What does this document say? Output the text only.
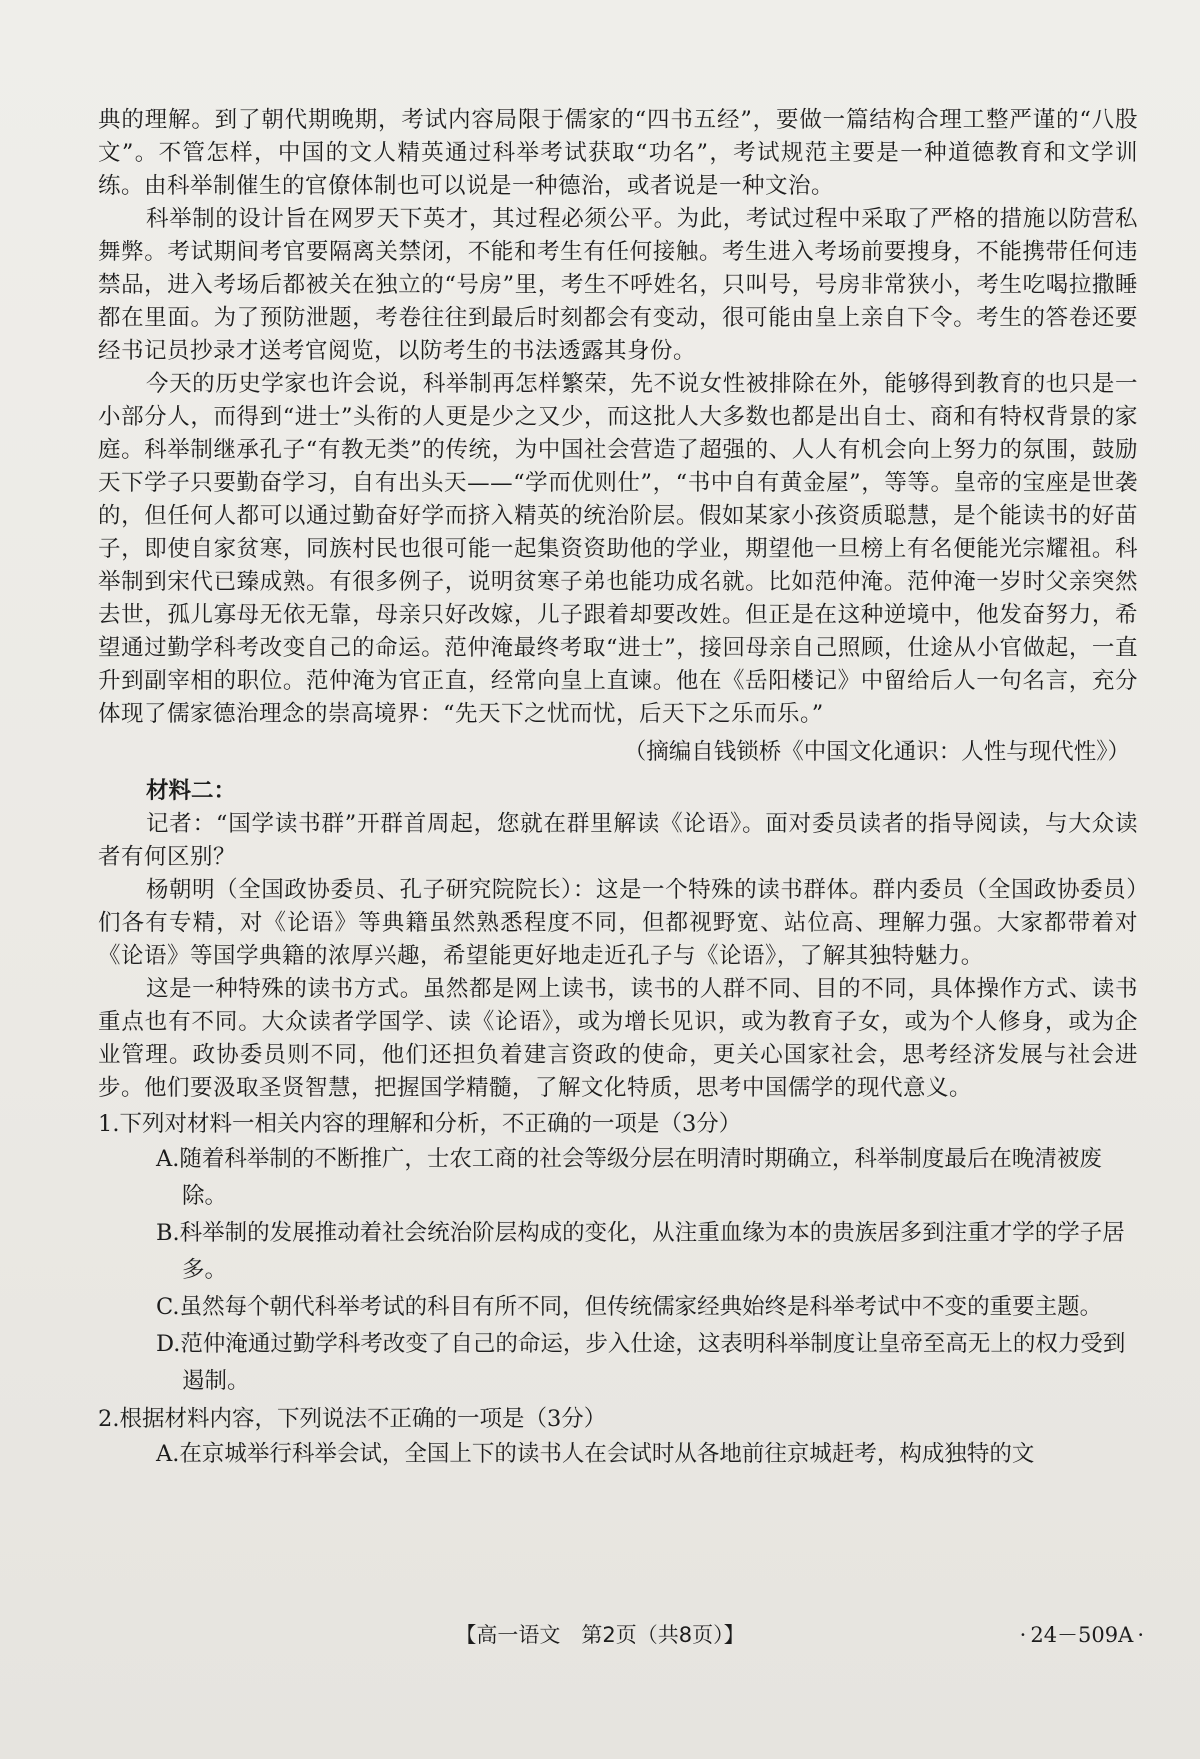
典的理解。到了朝代期晚期，考试内容局限于儒家的“四书五经”，要做一篇结构合理工整严谨的“八股文”。不管怎样，中国的文人精英通过科举考试获取“功名”，考试规范主要是一种道德教育和文学训练。由科举制催生的官僚体制也可以说是一种德治，或者说是一种文治。

科举制的设计旨在网罗天下英才，其过程必须公平。为此，考试过程中采取了严格的措施以防营私舞弊。考试期间考官要隔离关禁闭，不能和考生有任何接触。考生进入考场前要搜身，不能携带任何违禁品，进入考场后都被关在独立的“号房”里，考生不呼姓名，只叫号，号房非常狭小，考生吃喝拉撒睡都在里面。为了预防泄题，考卷往往到最后时刻都会有变动，很可能由皇上亲自下令。考生的答卷还要经书记员抄录才送考官阅览，以防考生的书法透露其身份。

今天的历史学家也许会说，科举制再怎样繁荣，先不说女性被排除在外，能够得到教育的也只是一小部分人，而得到“进士”头衔的人更是少之又少，而这批人大多数也都是出自士、商和有特权背景的家庭。科举制继承孔子“有教无类”的传统，为中国社会营造了超强的、人人有机会向上努力的氛围，鼓励天下学子只要勤奋学习，自有出头天——“学而优则仕”，“书中自有黄金屋”，等等。皇帝的宝座是世袭的，但任何人都可以通过勤奋好学而挤入精英的统治阶层。假如某家小孩资质聪慧，是个能读书的好苗子，即使自家贫寒，同族村民也很可能一起集资资助他的学业，期望他一旦榜上有名便能光宗耀祖。科举制到宋代已臻成熟。有很多例子，说明贫寒子弟也能功成名就。比如范仲淹。范仲淹一岁时父亲突然去世，孤儿寡母无依无靠，母亲只好改嫁，儿子跟着却要改姓。但正是在这种逆境中，他发奋努力，希望通过勤学科考改变自己的命运。范仲淹最终考取“进士”，接回母亲自己照顾，仕途从小官做起，一直升到副宰相的职位。范仲淹为官正直，经常向皇上直谏。他在《岳阳楼记》中留给后人一句名言，充分体现了儒家德治理念的崇高境界：“先天下之忧而忧，后天下之乐而乐。”

（摘编自钱锁桥《中国文化通识：人性与现代性》）

材料二：

记者：“国学读书群”开群首周起，您就在群里解读《论语》。面对委员读者的指导阅读，与大众读者有何区别？

杨朝明（全国政协委员、孔子研究院院长）：这是一个特殊的读书群体。群内委员（全国政协委员）们各有专精，对《论语》等典籍虽然熟悉程度不同，但都视野宽、站位高、理解力强。大家都带着对《论语》等国学典籍的浓厚兴趣，希望能更好地走近孔子与《论语》，了解其独特魅力。

这是一种特殊的读书方式。虽然都是网上读书，读书的人群不同、目的不同，具体操作方式、读书重点也有不同。大众读者学国学、读《论语》，或为增长见识，或为教育子女，或为个人修身，或为企业管理。政协委员则不同，他们还担负着建言资政的使命，更关心国家社会，思考经济发展与社会进步。他们要汲取圣贤智慧，把握国学精髓，了解文化特质，思考中国儒学的现代意义。

1.下列对材料一相关内容的理解和分析，不正确的一项是（3分）

A.随着科举制的不断推广，士农工商的社会等级分层在明清时期确立，科举制度最后在晚清被废除。

B.科举制的发展推动着社会统治阶层构成的变化，从注重血缘为本的贵族居多到注重才学的学子居多。

C.虽然每个朝代科举考试的科目有所不同，但传统儒家经典始终是科举考试中不变的重要主题。

D.范仲淹通过勤学科考改变了自己的命运，步入仕途，这表明科举制度让皇帝至高无上的权力受到遏制。

2.根据材料内容，下列说法不正确的一项是（3分）

A.在京城举行科举会试，全国上下的读书人在会试时从各地前往京城赶考，构成独特的文

【高一语文　第2页（共8页）】	· 24－509A ·
